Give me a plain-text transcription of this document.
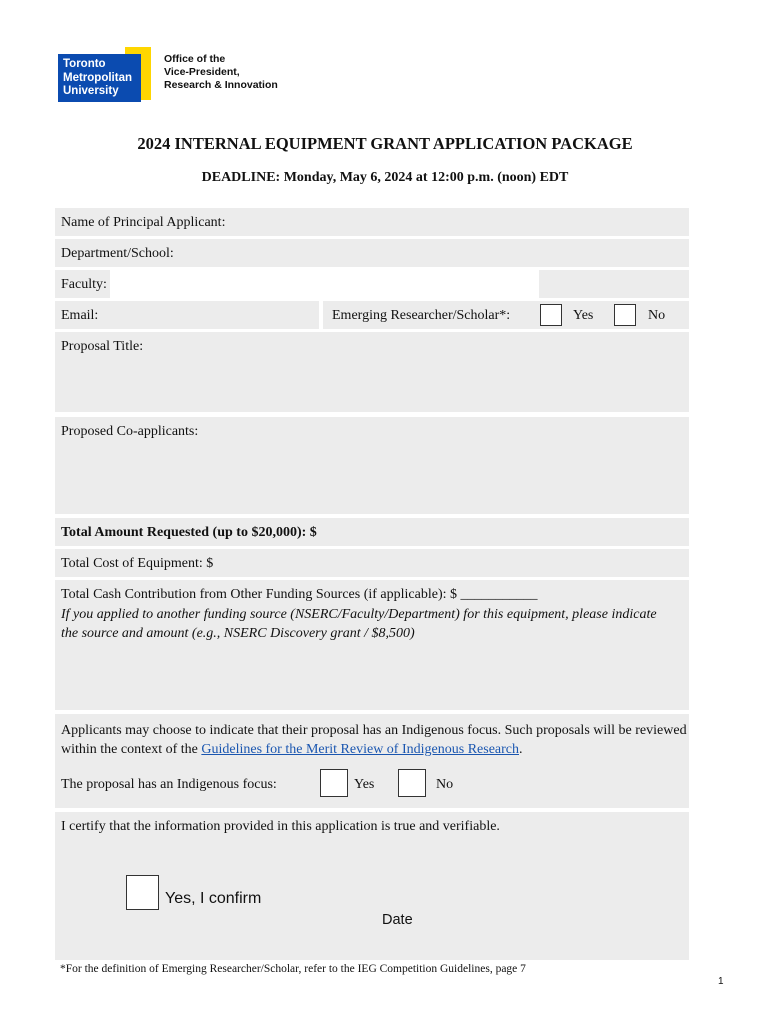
Toronto
Metropolitan
University
Office of the
Vice-President,
Research & Innovation
2024 INTERNAL EQUIPMENT GRANT APPLICATION PACKAGE
DEADLINE: Monday, May 6, 2024 at 12:00 p.m. (noon) EDT
Name of Principal Applicant:
Department/School:
Faculty:
Email:	Emerging Researcher/Scholar*:	Yes	No
Proposal Title:
Proposed Co-applicants:
Total Amount Requested (up to $20,000): $
Total Cost of Equipment: $
Total Cash Contribution from Other Funding Sources (if applicable): $ ___________
If you applied to another funding source (NSERC/Faculty/Department) for this equipment, please indicate the source and amount (e.g., NSERC Discovery grant / $8,500)
Applicants may choose to indicate that their proposal has an Indigenous focus. Such proposals will be reviewed within the context of the Guidelines for the Merit Review of Indigenous Research.
The proposal has an Indigenous focus:	Yes	No
I certify that the information provided in this application is true and verifiable.
Yes, I confirm
Date
*For the definition of Emerging Researcher/Scholar, refer to the IEG Competition Guidelines, page 7
1
